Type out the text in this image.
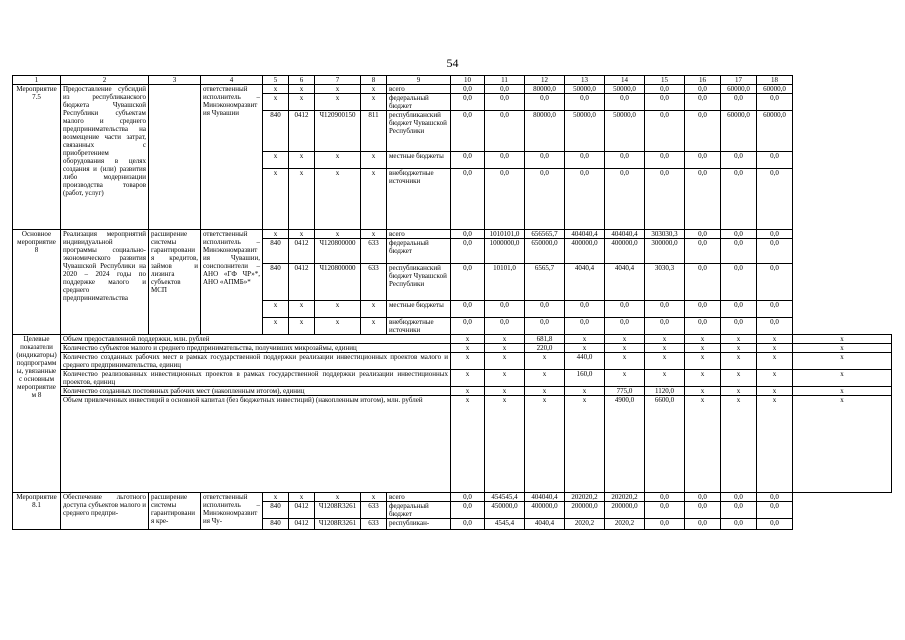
54
1	2	3	4	5	6	7	8	9	10	11	12	13	14	15	16	17	18	
Мероприятие 7.5	Предоставление субсидий из республиканского бюджета Чувашской Республики субъектам малого и среднего предпринимательства на возмещение части затрат, связанных с приобретением оборудования в целях создания и (или) развития либо модернизации производства товаров (работ, услуг)		ответственный исполнитель – Минэкономразвития Чувашии	x	x	x	x	всего	0,0	0,0	80000,0	50000,0	50000,0	0,0	0,0	60000,0	60000,0	
				x	x	x	x	федеральный бюджет	0,0	0,0	0,0	0,0	0,0	0,0	0,0	0,0	0,0	
				840	0412	Ч120900150	811	республиканский бюджет Чувашской Республики	0,0	0,0	80000,0	50000,0	50000,0	0,0	0,0	60000,0	60000,0	
				x	x	x	x	местные бюджеты	0,0	0,0	0,0	0,0	0,0	0,0	0,0	0,0	0,0	
				x	x	x	x	внебюджетные источники	0,0	0,0	0,0	0,0	0,0	0,0	0,0	0,0	0,0	
Основное мероприятие 8	Реализация мероприятий индивидуальной программы социально-экономического развития Чувашской Республики на 2020 – 2024 годы по поддержке малого и среднего предпринимательства	расширение системы гарантирования кредитов, займов и лизинга субъектов МСП	ответственный исполнитель – Минэкономразвития Чувашии, соисполнители – АНО «ГФ ЧР»*, АНО «АПМБ»*	x	x	x	x	всего	0,0	1010101,0	656565,7	404040,4	404040,4	303030,3	0,0	0,0	0,0	
				840	0412	Ч120800000	633	федеральный бюджет	0,0	1000000,0	650000,0	400000,0	400000,0	300000,0	0,0	0,0	0,0	
				840	0412	Ч120800000	633	республиканский бюджет Чувашской Республики	0,0	10101,0	6565,7	4040,4	4040,4	3030,3	0,0	0,0	0,0	
				x	x	x	x	местные бюджеты	0,0	0,0	0,0	0,0	0,0	0,0	0,0	0,0	0,0	
				x	x	x	x	внебюджетные источники	0,0	0,0	0,0	0,0	0,0	0,0	0,0	0,0	0,0	
Целевые показатели (индикаторы) подпрограммы, увязанные с основным мероприятием 8	Объем предоставленной поддержки, млн. рублей								x	x	681,8	x	x	x	x	x	x	x
	Количество субъектов малого и среднего предпринимательства, получивших микрозаймы, единиц								x	x	220,0	x	x	x	x	x	x	x
	Количество созданных рабочих мест в рамках государственной поддержки реализации инвестиционных проектов малого и среднего предпринимательства, единиц								x	x	x	440,0	x	x	x	x	x	x
	Количество реализованных инвестиционных проектов в рамках государственной поддержки реализации инвестиционных проектов, единиц								x	x	x	160,0	x	x	x	x	x	x
	Количество созданных постоянных рабочих мест (накопленным итогом), единиц								x	x	x	x	775,0	1120,0	x	x	x	x
	Объем привлеченных инвестиций в основной капитал (без бюджетных инвестиций) (накопленным итогом), млн. рублей								x	x	x	x	4900,0	6600,0	x	x	x	x
Мероприятие 8.1	Обеспечение льготного доступа субъектов малого и среднего предпри-	расширение системы гарантирования кре-	ответственный исполнитель – Минэкономразвития Чу-	x	x	x	x	всего	0,0	454545,4	404040,4	202020,2	202020,2	0,0	0,0	0,0	0,0	
				840	0412	Ч1208R3261	633	федеральный бюджет	0,0	450000,0	400000,0	200000,0	200000,0	0,0	0,0	0,0	0,0	
				840	0412	Ч1208R3261	633	республикан-	0,0	4545,4	4040,4	2020,2	2020,2	0,0	0,0	0,0	0,0	
